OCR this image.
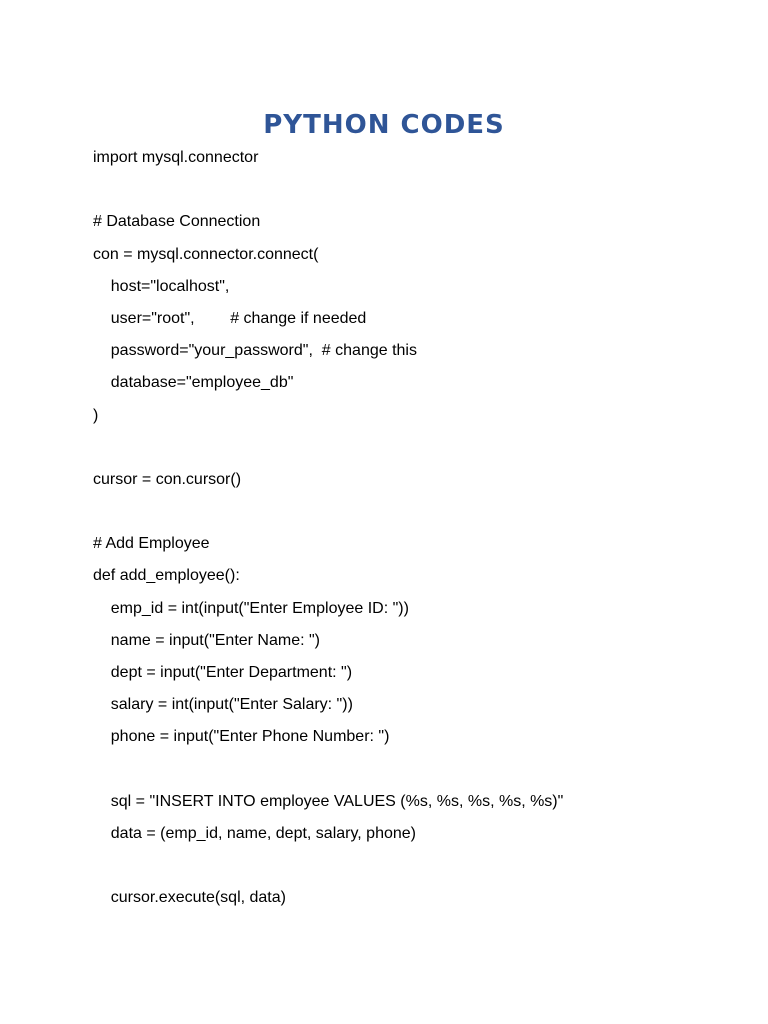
PYTHON CODES
import mysql.connector
# Database Connection
con = mysql.connector.connect(
host="localhost",
user="root",        # change if needed
password="your_password",  # change this
database="employee_db"
)
cursor = con.cursor()
# Add Employee
def add_employee():
emp_id = int(input("Enter Employee ID: "))
name = input("Enter Name: ")
dept = input("Enter Department: ")
salary = int(input("Enter Salary: "))
phone = input("Enter Phone Number: ")
sql = "INSERT INTO employee VALUES (%s, %s, %s, %s, %s)"
data = (emp_id, name, dept, salary, phone)
cursor.execute(sql, data)
